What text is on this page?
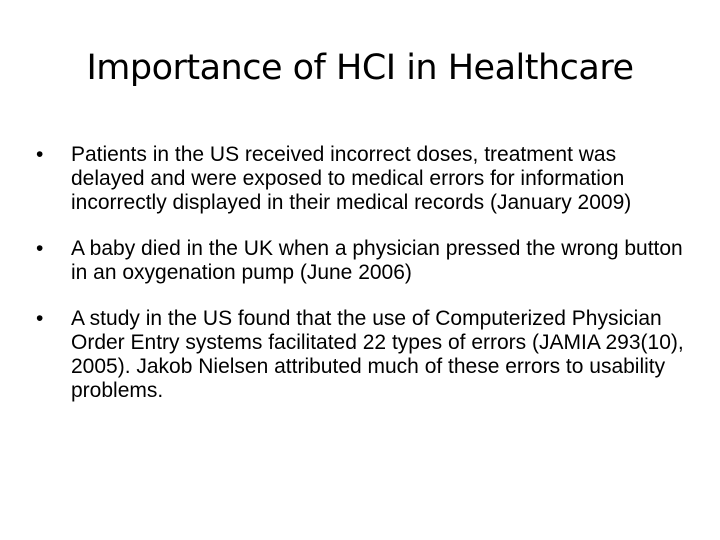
Importance of HCI in Healthcare
• Patients in the US received incorrect doses, treatment was delayed and were exposed to medical errors for information incorrectly displayed in their medical records (January 2009)
• A baby died in the UK when a physician pressed the wrong button in an oxygenation pump (June 2006)
• A study in the US found that the use of Computerized Physician Order Entry systems facilitated 22 types of errors (JAMIA 293(10), 2005). Jakob Nielsen attributed much of these errors to usability problems.
